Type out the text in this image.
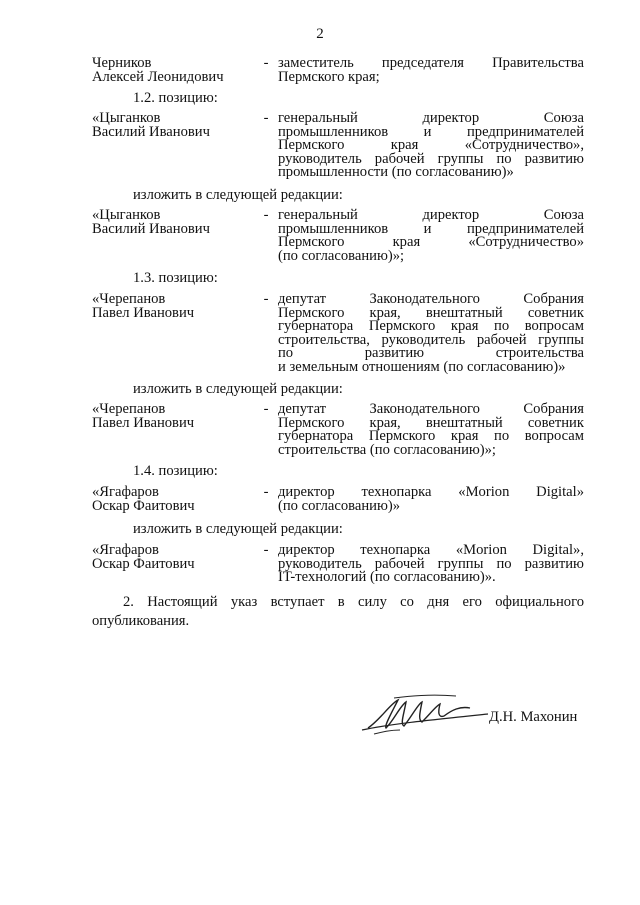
2
Черников
Алексей Леонидович
- заместитель председателя Правительства
Пермского края;
1.2. позицию:
«Цыганков
Василий Иванович
- генеральный	директор	Союза
промышленников и предпринимателей
Пермского	края	«Сотрудничество»,
руководитель рабочей группы по развитию
промышленности (по согласованию)»
изложить в следующей редакции:
«Цыганков
Василий Иванович
- генеральный	директор	Союза
промышленников и предпринимателей
Пермского	края	«Сотрудничество»
(по согласованию)»;
1.3. позицию:
«Черепанов
Павел Иванович
- депутат	Законодательного	Собрания
Пермского края, внештатный советник
губернатора Пермского края по вопросам
строительства, руководитель рабочей группы
по	развитию	строительства
и земельным отношениям (по согласованию)»
изложить в следующей редакции:
«Черепанов
Павел Иванович
- депутат	Законодательного	Собрания
Пермского края, внештатный советник
губернатора Пермского края по вопросам
строительства (по согласованию)»;
1.4. позицию:
«Ягафаров
Оскар Фаитович
- директор технопарка «Morion Digital»
(по согласованию)»
изложить в следующей редакции:
«Ягафаров
Оскар Фаитович
- директор технопарка «Morion Digital»,
руководитель рабочей группы по развитию
IT-технологий (по согласованию)».
2. Настоящий указ вступает в силу со дня его официального
опубликования.
Д.Н. Махонин
